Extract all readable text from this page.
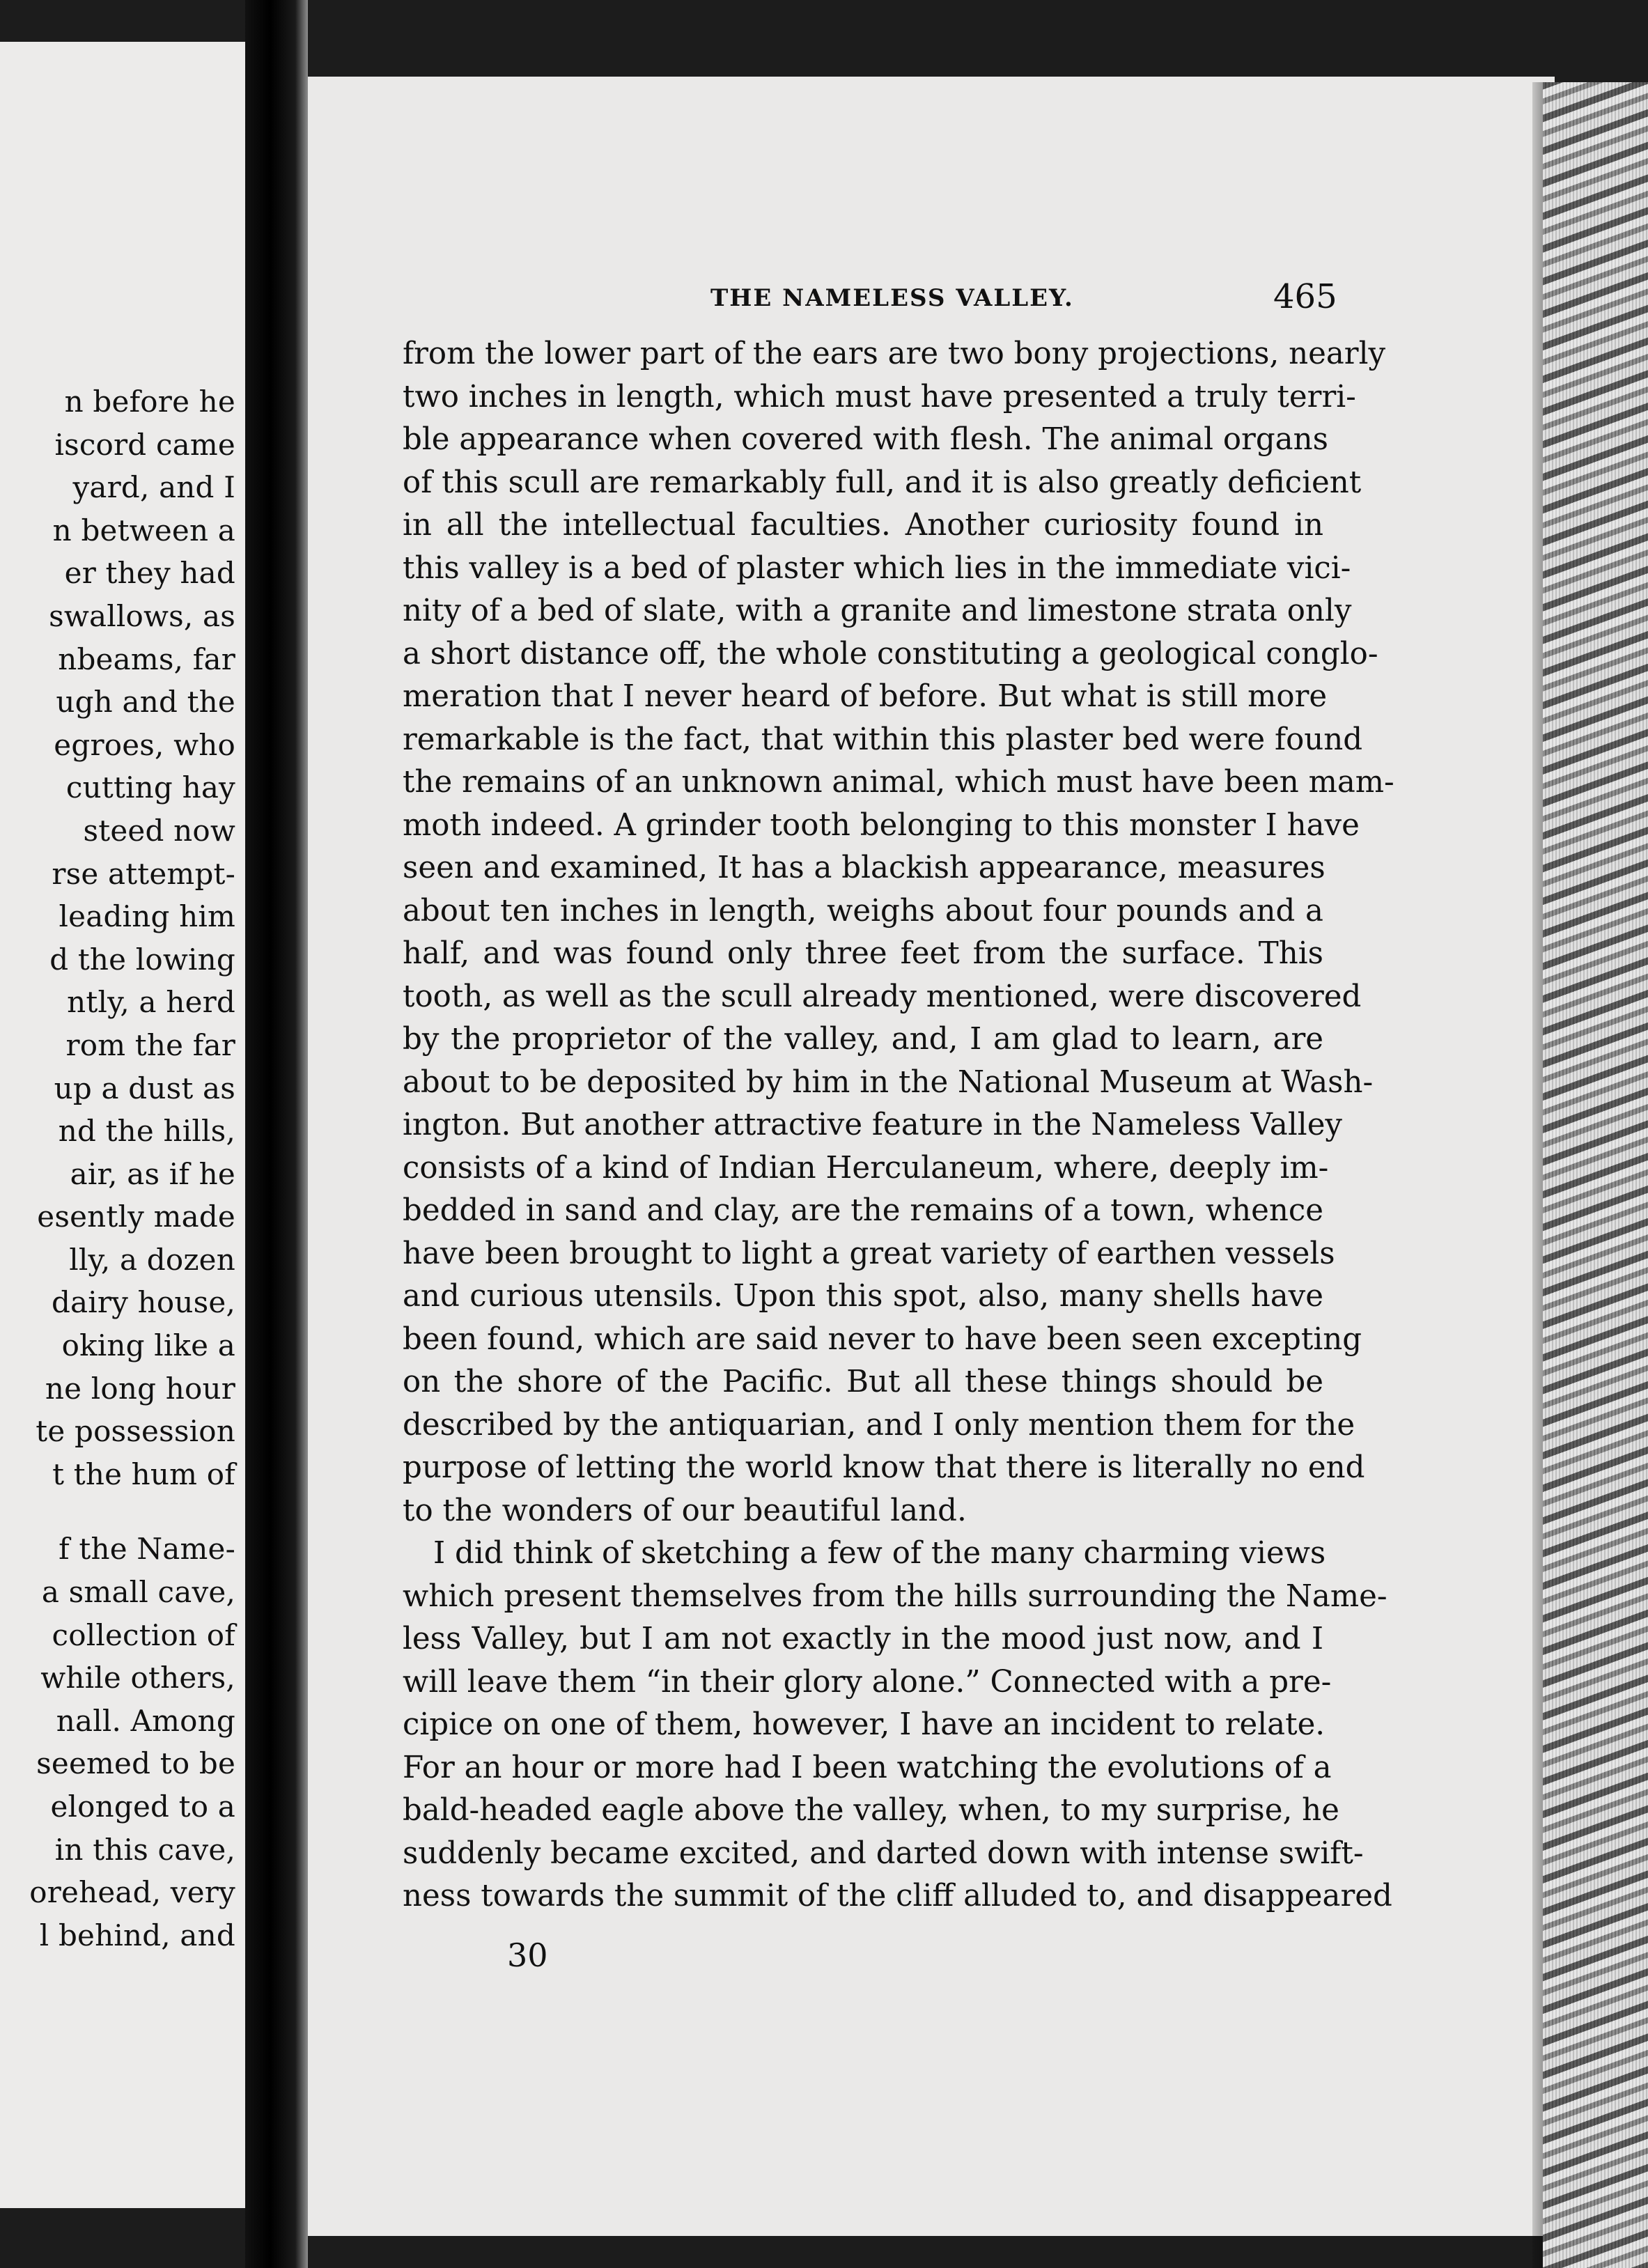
n before he
iscord came
yard, and I
n between a
er they had
swallows, as
nbeams, far
ugh and the
egroes, who
cutting hay
steed now
rse attempt-
leading him
d the lowing
ntly, a herd
rom the far
up a dust as
nd the hills,
air, as if he
esently made
lly, a dozen
dairy house,
oking like a
ne long hour
te possession
t the hum of
f the Name-
a small cave,
collection of
while others,
nall. Among
seemed to be
elonged to a
in this cave,
orehead, very
l behind, and
THE NAMELESS VALLEY.	465
from the lower part of the ears are two bony projections, nearly
two inches in length, which must have presented a truly terri-
ble appearance when covered with flesh. The animal organs
of this scull are remarkably full, and it is also greatly deficient
in all the intellectual faculties. Another curiosity found in
this valley is a bed of plaster which lies in the immediate vici-
nity of a bed of slate, with a granite and limestone strata only
a short distance off, the whole constituting a geological conglo-
meration that I never heard of before. But what is still more
remarkable is the fact, that within this plaster bed were found
the remains of an unknown animal, which must have been mam-
moth indeed. A grinder tooth belonging to this monster I have
seen and examined, It has a blackish appearance, measures
about ten inches in length, weighs about four pounds and a
half, and was found only three feet from the surface. This
tooth, as well as the scull already mentioned, were discovered
by the proprietor of the valley, and, I am glad to learn, are
about to be deposited by him in the National Museum at Wash-
ington. But another attractive feature in the Nameless Valley
consists of a kind of Indian Herculaneum, where, deeply im-
bedded in sand and clay, are the remains of a town, whence
have been brought to light a great variety of earthen vessels
and curious utensils. Upon this spot, also, many shells have
been found, which are said never to have been seen excepting
on the shore of the Pacific. But all these things should be
described by the antiquarian, and I only mention them for the
purpose of letting the world know that there is literally no end
to the wonders of our beautiful land.
I did think of sketching a few of the many charming views
which present themselves from the hills surrounding the Name-
less Valley, but I am not exactly in the mood just now, and I
will leave them “in their glory alone.” Connected with a pre-
cipice on one of them, however, I have an incident to relate.
For an hour or more had I been watching the evolutions of a
bald-headed eagle above the valley, when, to my surprise, he
suddenly became excited, and darted down with intense swift-
ness towards the summit of the cliff alluded to, and disappeared
30
